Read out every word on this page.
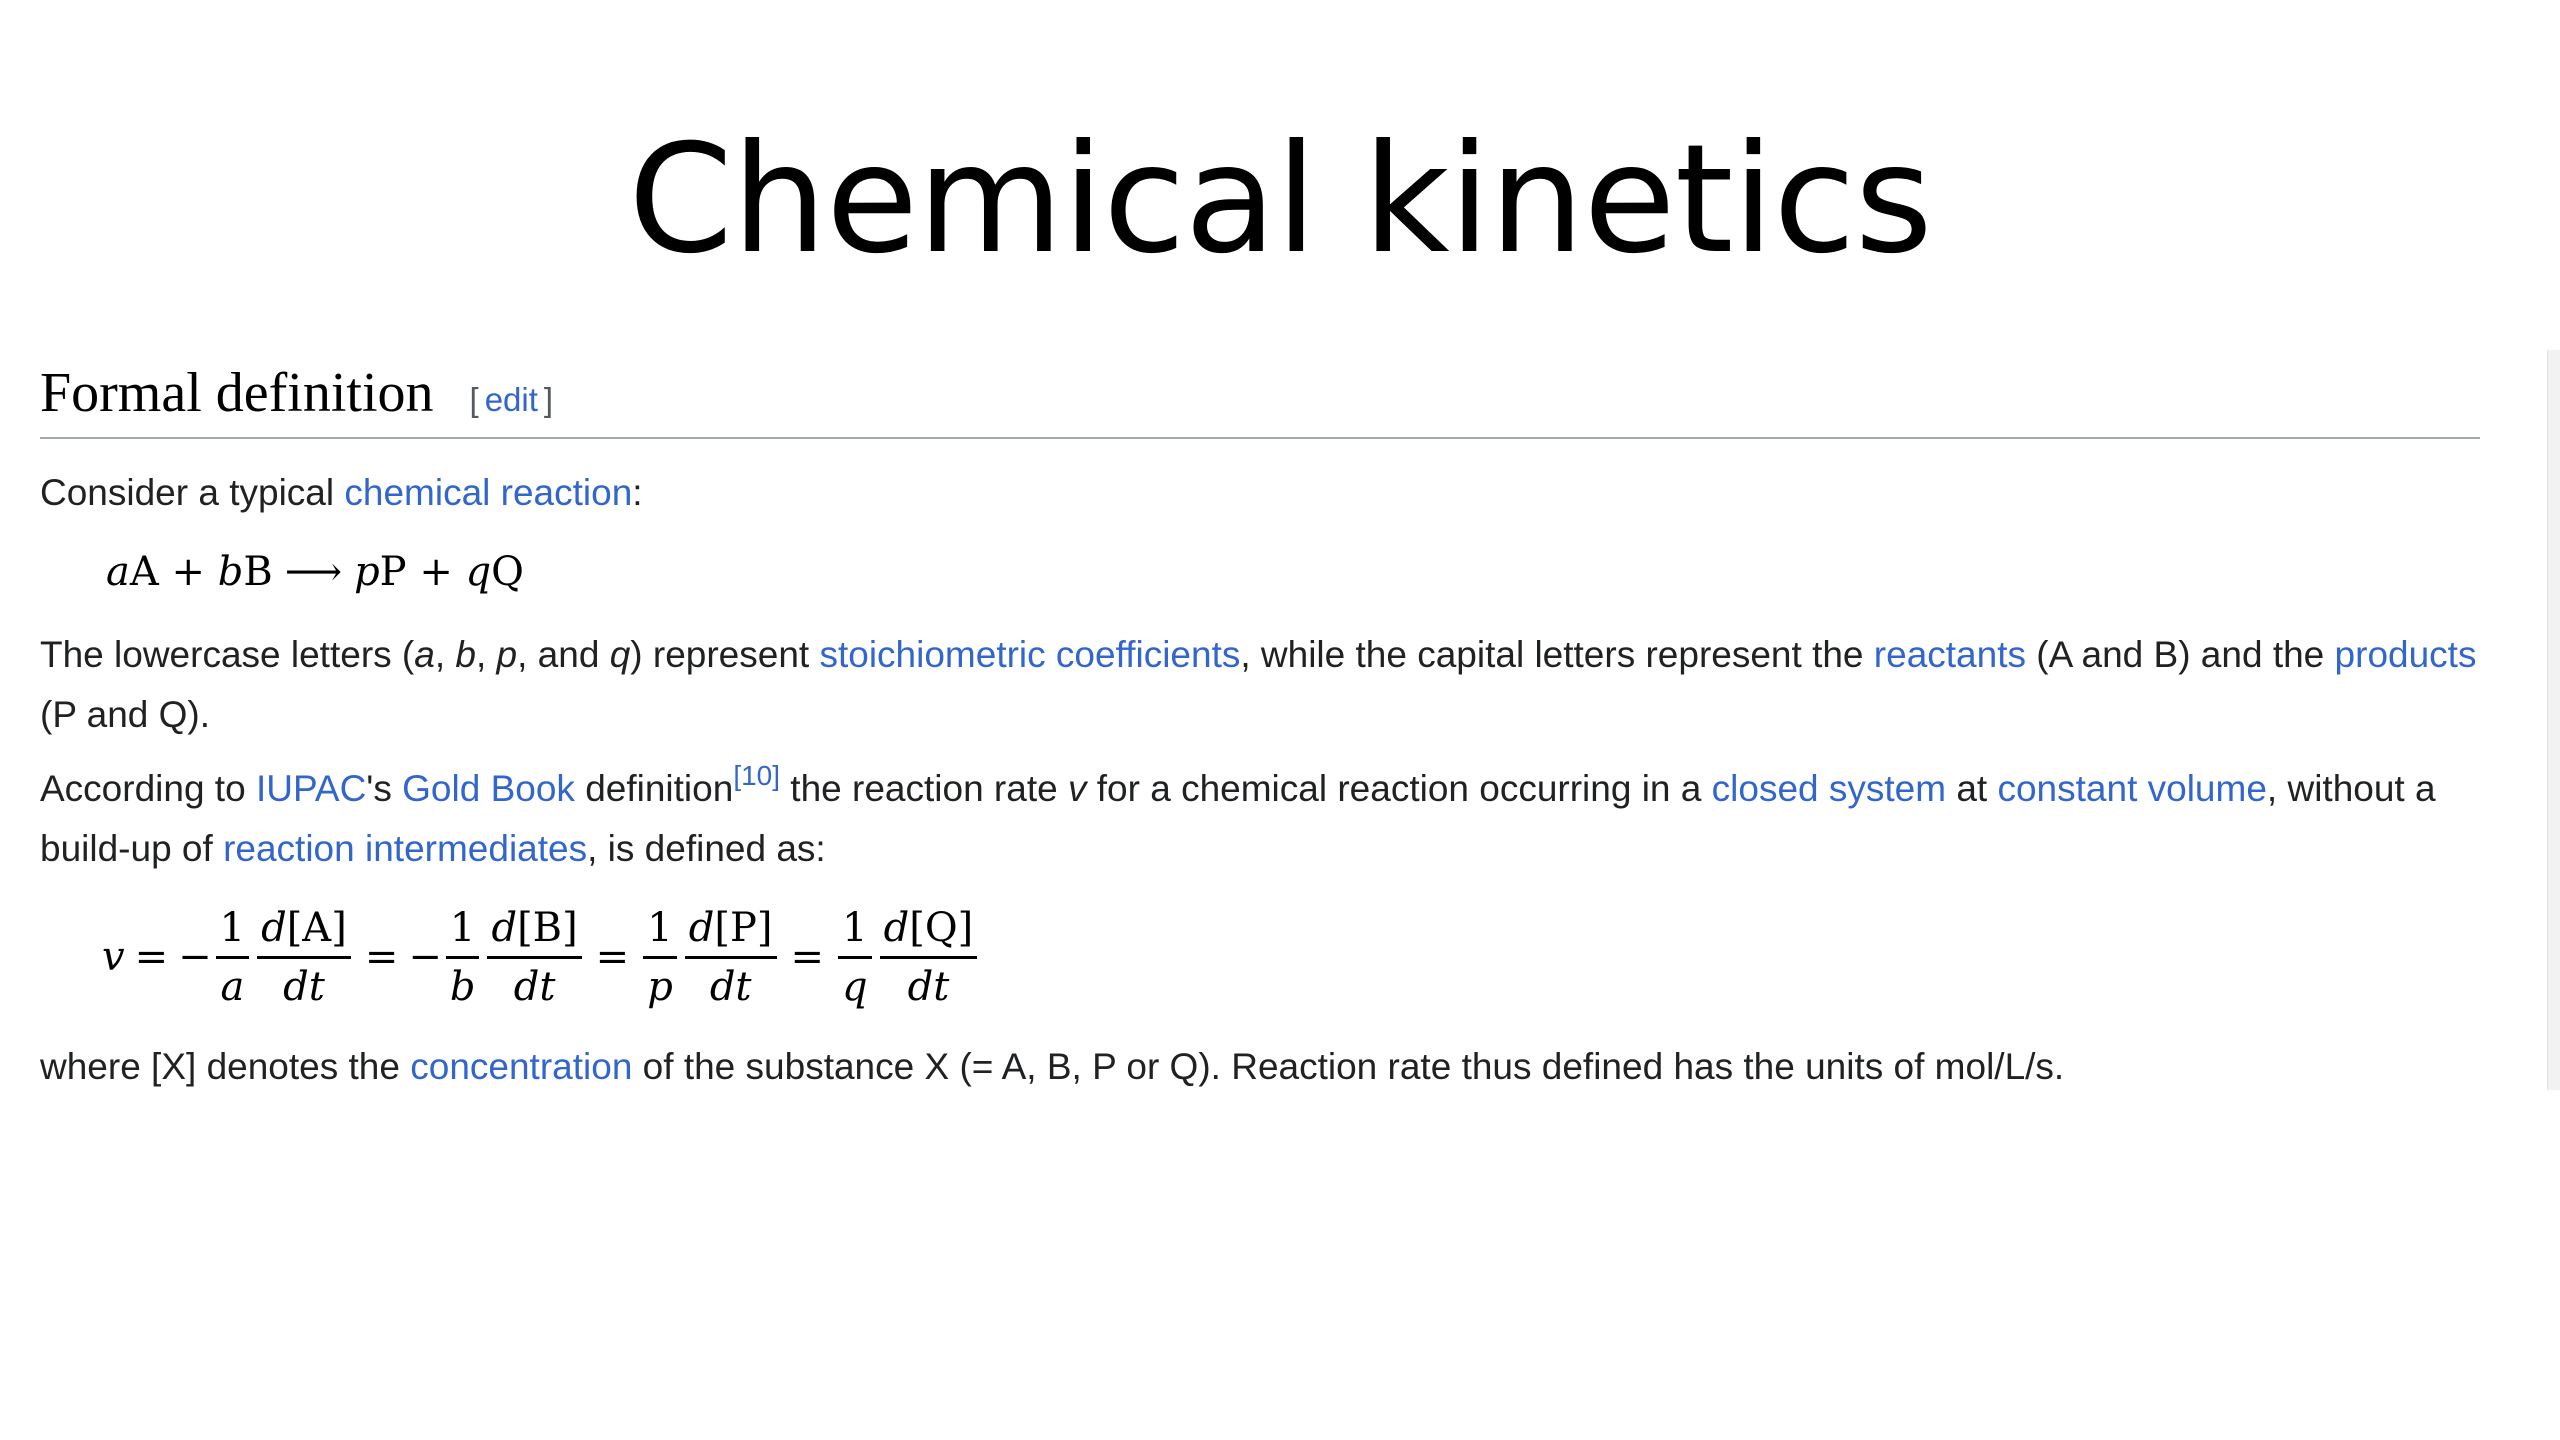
Chemical kinetics
Formal definition [ edit ]

Consider a typical chemical reaction:

aA + bB ⟶ pP + qQ

The lowercase letters (a, b, p, and q) represent stoichiometric coefficients, while the capital letters represent the reactants (A and B) and the products (P and Q).

According to IUPAC's Gold Book definition[10] the reaction rate v for a chemical reaction occurring in a closed system at constant volume, without a build-up of reaction intermediates, is defined as:

v = − $\frac{1}{a} \frac{d[A]}{dt}$ = − $\frac{1}{b} \frac{d[B]}{dt} = \frac{1}{p} \frac{d[P]}{dt} = \frac{1}{q} \frac{d[Q]}{dt}$

where [X] denotes the concentration of the substance X (= A, B, P or Q). Reaction rate thus defined has the units of mol/L/s.
